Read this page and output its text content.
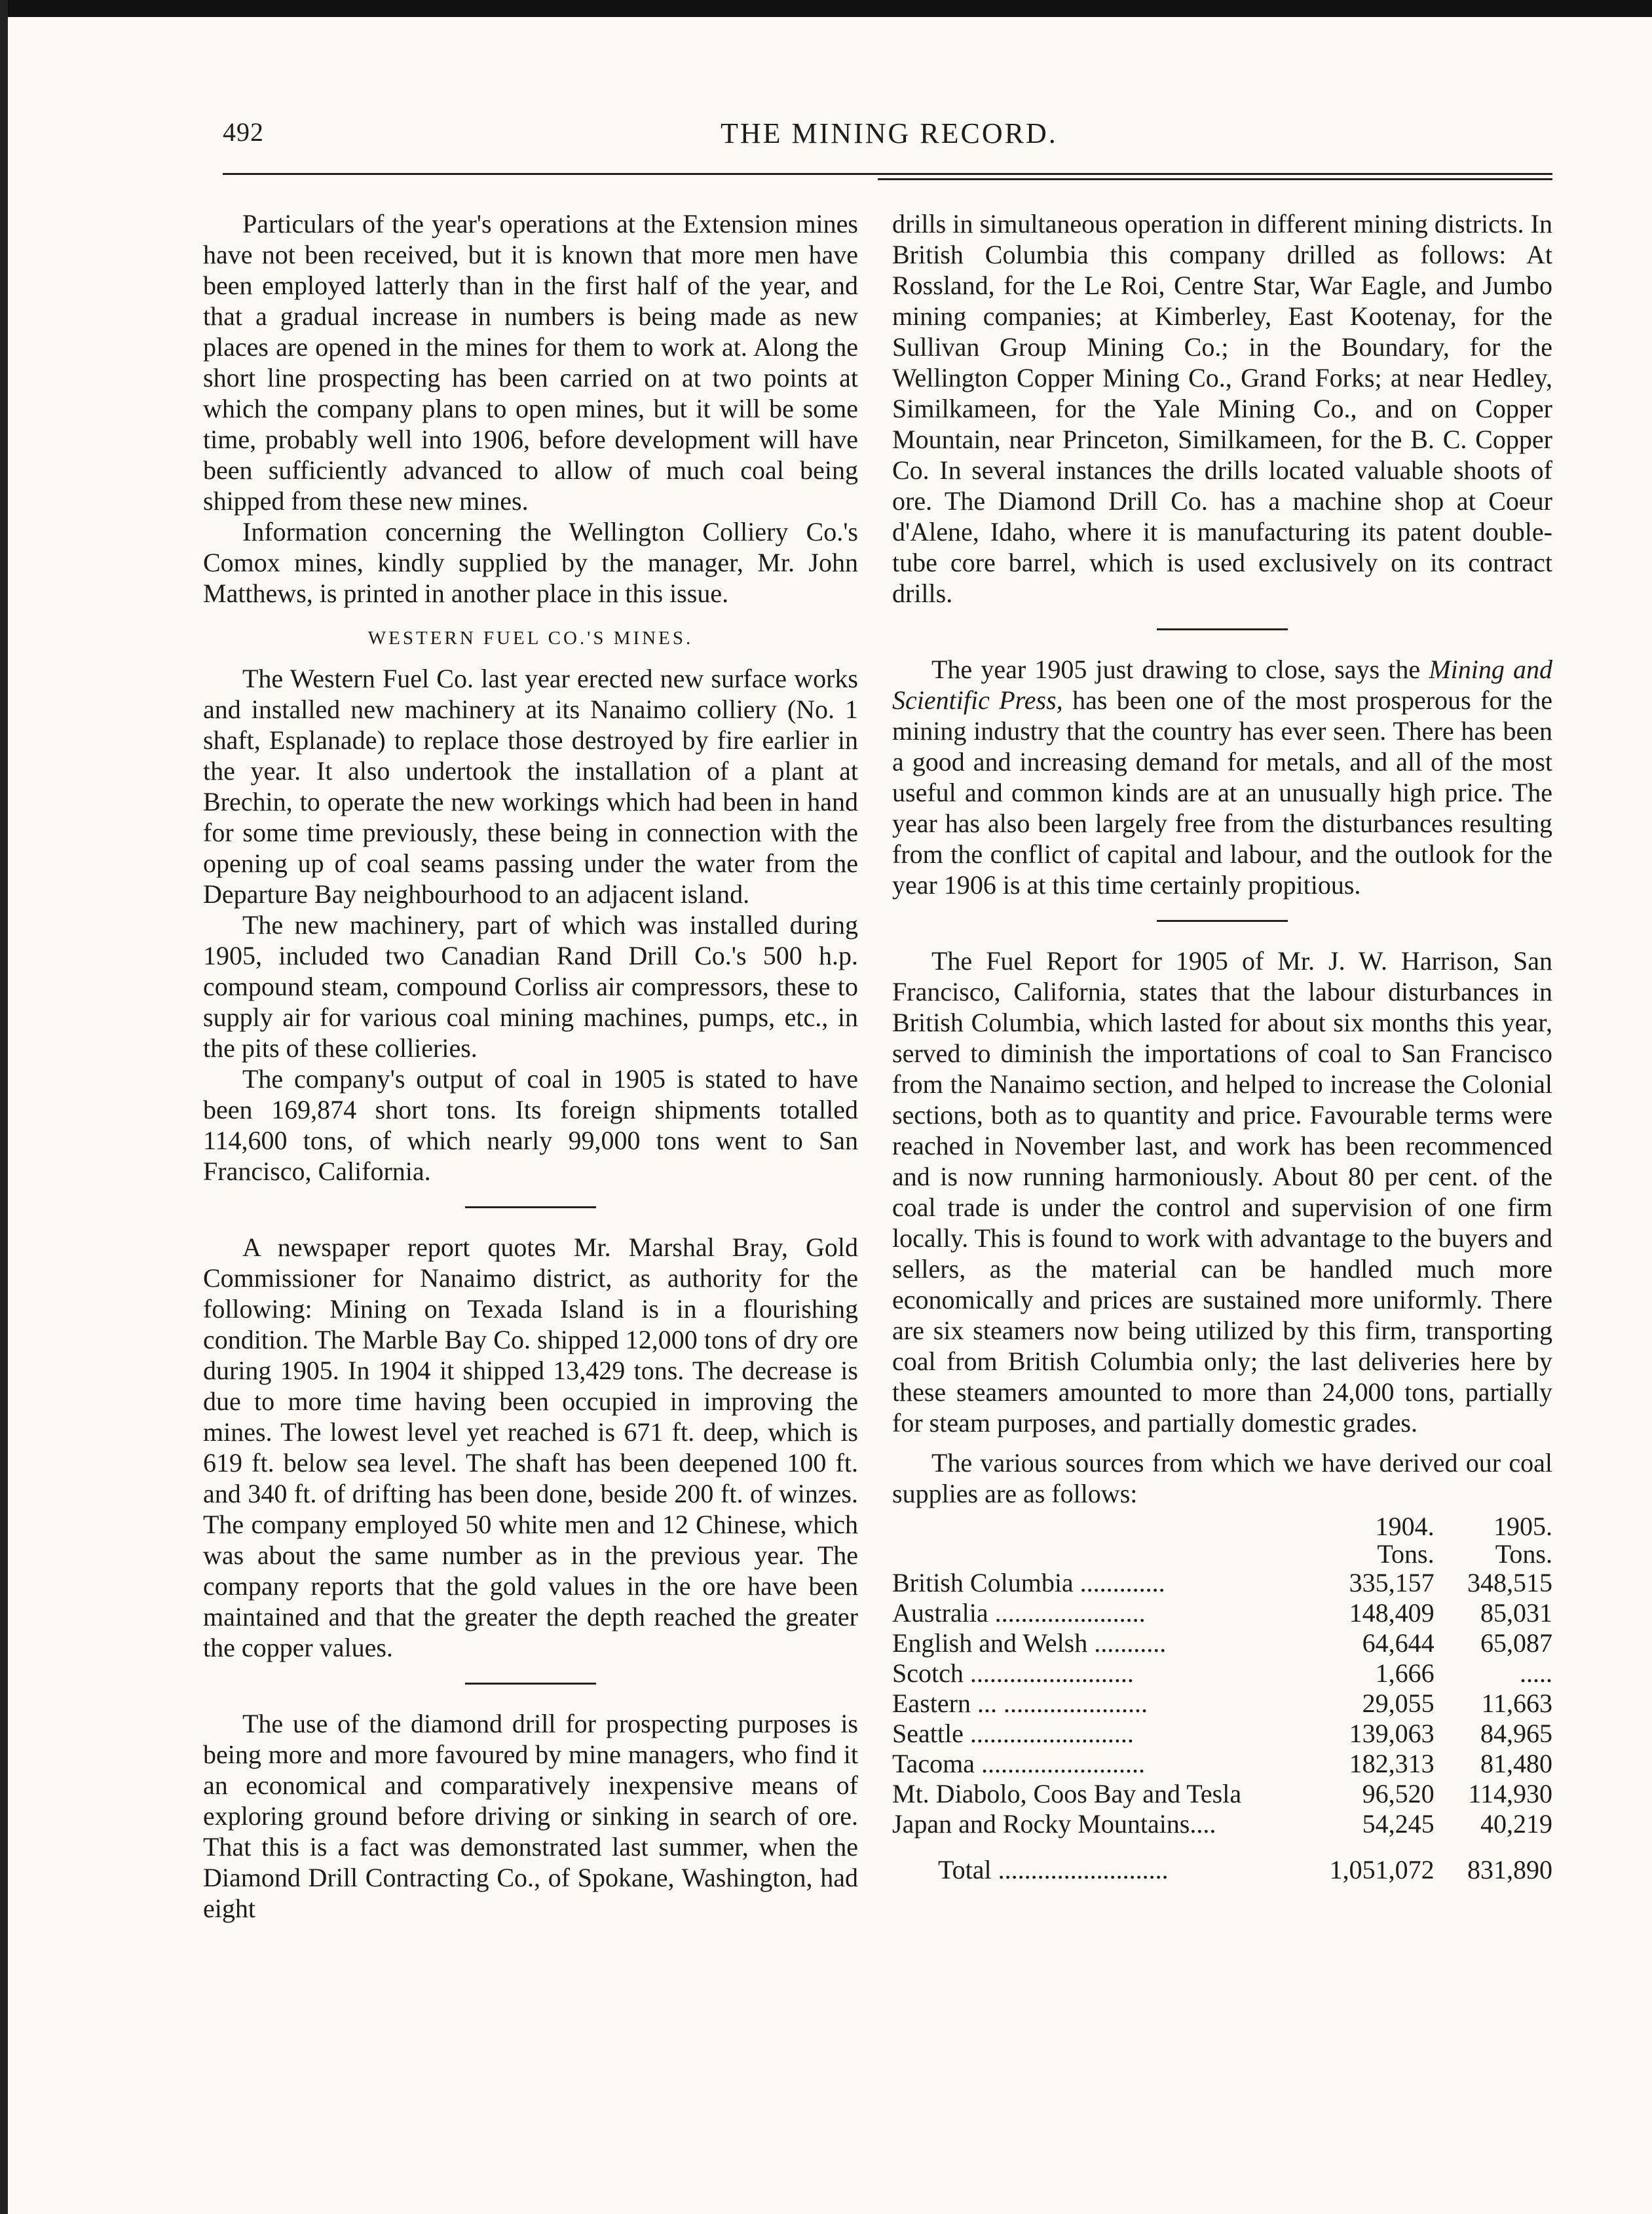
492	THE MINING RECORD.

Particulars of the year's operations at the Extension mines have not been received, but it is known that more men have been employed latterly than in the first half of the year, and that a gradual increase in numbers is being made as new places are opened in the mines for them to work at. Along the short line prospecting has been carried on at two points at which the company plans to open mines, but it will be some time, probably well into 1906, before development will have been sufficiently advanced to allow of much coal being shipped from these new mines.

Information concerning the Wellington Colliery Co.'s Comox mines, kindly supplied by the manager, Mr. John Matthews, is printed in another place in this issue.

WESTERN FUEL CO.'S MINES.

The Western Fuel Co. last year erected new surface works and installed new machinery at its Nanaimo colliery (No. 1 shaft, Esplanade) to replace those destroyed by fire earlier in the year. It also undertook the installation of a plant at Brechin, to operate the new workings which had been in hand for some time previously, these being in connection with the opening up of coal seams passing under the water from the Departure Bay neighbourhood to an adjacent island.

The new machinery, part of which was installed during 1905, included two Canadian Rand Drill Co.'s 500 h.p. compound steam, compound Corliss air compressors, these to supply air for various coal mining machines, pumps, etc., in the pits of these collieries.

The company's output of coal in 1905 is stated to have been 169,874 short tons. Its foreign shipments totalled 114,600 tons, of which nearly 99,000 tons went to San Francisco, California.

A newspaper report quotes Mr. Marshal Bray, Gold Commissioner for Nanaimo district, as authority for the following: Mining on Texada Island is in a flourishing condition. The Marble Bay Co. shipped 12,000 tons of dry ore during 1905. In 1904 it shipped 13,429 tons. The decrease is due to more time having been occupied in improving the mines. The lowest level yet reached is 671 ft. deep, which is 619 ft. below sea level. The shaft has been deepened 100 ft. and 340 ft. of drifting has been done, beside 200 ft. of winzes. The company employed 50 white men and 12 Chinese, which was about the same number as in the previous year. The company reports that the gold values in the ore have been maintained and that the greater the depth reached the greater the copper values.

The use of the diamond drill for prospecting purposes is being more and more favoured by mine managers, who find it an economical and comparatively inexpensive means of exploring ground before driving or sinking in search of ore. That this is a fact was demonstrated last summer, when the Diamond Drill Contracting Co., of Spokane, Washington, had eight

drills in simultaneous operation in different mining districts. In British Columbia this company drilled as follows: At Rossland, for the Le Roi, Centre Star, War Eagle, and Jumbo mining companies; at Kimberley, East Kootenay, for the Sullivan Group Mining Co.; in the Boundary, for the Wellington Copper Mining Co., Grand Forks; at near Hedley, Similkameen, for the Yale Mining Co., and on Copper Mountain, near Princeton, Similkameen, for the B. C. Copper Co. In several instances the drills located valuable shoots of ore. The Diamond Drill Co. has a machine shop at Coeur d'Alene, Idaho, where it is manufacturing its patent double-tube core barrel, which is used exclusively on its contract drills.

The year 1905 just drawing to close, says the Mining and Scientific Press, has been one of the most prosperous for the mining industry that the country has ever seen. There has been a good and increasing demand for metals, and all of the most useful and common kinds are at an unusually high price. The year has also been largely free from the disturbances resulting from the conflict of capital and labour, and the outlook for the year 1906 is at this time certainly propitious.

The Fuel Report for 1905 of Mr. J. W. Harrison, San Francisco, California, states that the labour disturbances in British Columbia, which lasted for about six months this year, served to diminish the importations of coal to San Francisco from the Nanaimo section, and helped to increase the Colonial sections, both as to quantity and price. Favourable terms were reached in November last, and work has been recommenced and is now running harmoniously. About 80 per cent. of the coal trade is under the control and supervision of one firm locally. This is found to work with advantage to the buyers and sellers, as the material can be handled much more economically and prices are sustained more uniformly. There are six steamers now being utilized by this firm, transporting coal from British Columbia only; the last deliveries here by these steamers amounted to more than 24,000 tons, partially for steam purposes, and partially domestic grades.

The various sources from which we have derived our coal supplies are as follows:

	1904.	1905.
	Tons.	Tons.
British Columbia .............	335,157	348,515
Australia .......................	148,409	85,031
English and Welsh ...........	64,644	65,087
Scotch .........................	1,666	.....
Eastern ... ......................	29,055	11,663
Seattle .........................	139,063	84,965
Tacoma .........................	182,313	81,480
Mt. Diabolo, Coos Bay and Tesla	96,520	114,930
Japan and Rocky Mountains....	54,245	40,219

Total ..........................	1,051,072	831,890
